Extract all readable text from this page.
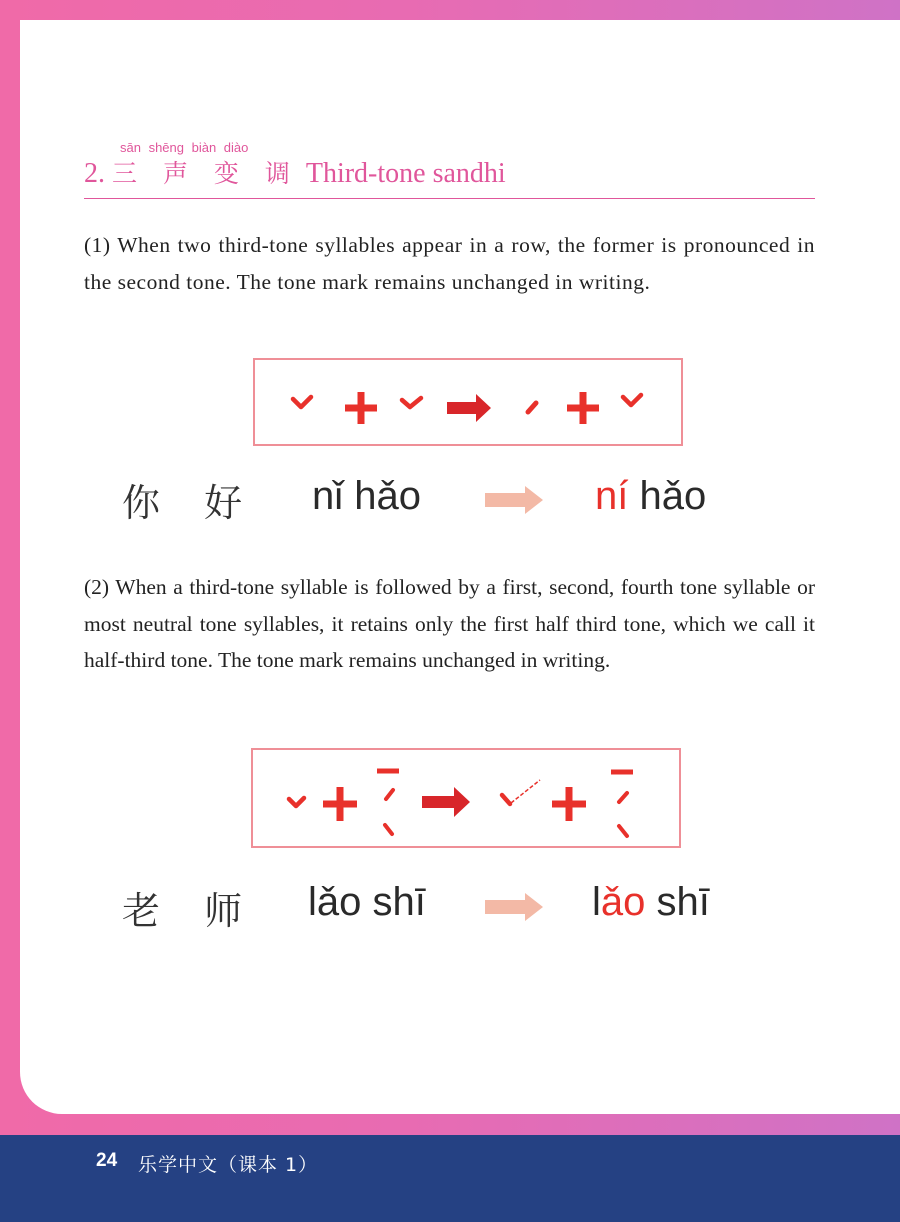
sān shēng biàn diào
2. 三 声 变 调 Third-tone sandhi
(1) When two third-tone syllables appear in a row, the former is pronounced in the second tone. The tone mark remains unchanged in writing.
你 好 nǐ hǎo	ní hǎo
(2) When a third-tone syllable is followed by a first, second, fourth tone syllable or most neutral tone syllables, it retains only the first half third tone, which we call it half-third tone. The tone mark remains unchanged in writing.
老 师 lǎo shī	lǎo shī
24 乐学中文（课本 1）
